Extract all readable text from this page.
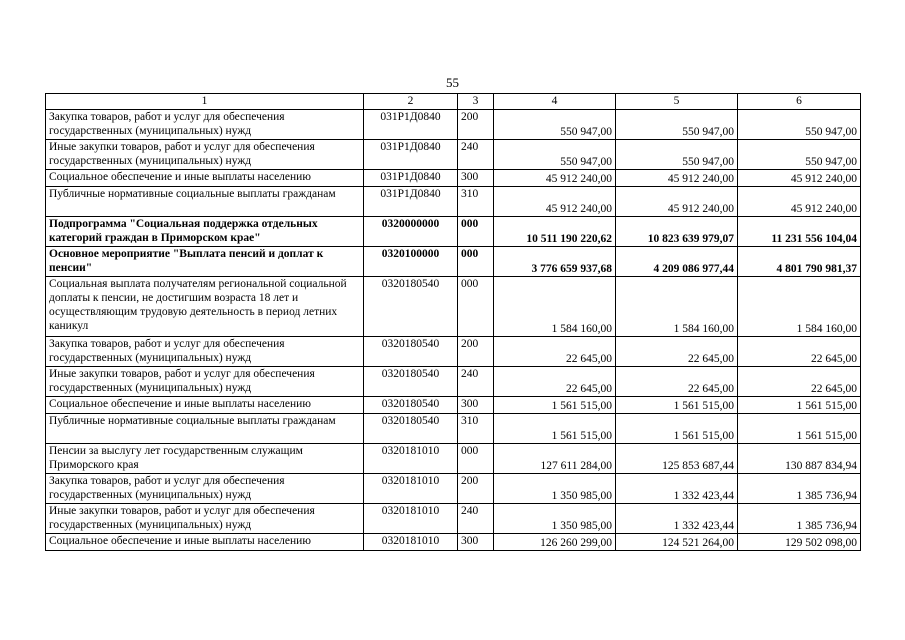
55
1	2	3	4	5	6
Закупка товаров, работ и услуг для обеспечения государственных (муниципальных) нужд	031Р1Д0840	200	550 947,00	550 947,00	550 947,00
Иные закупки товаров, работ и услуг для обеспечения государственных (муниципальных) нужд	031Р1Д0840	240	550 947,00	550 947,00	550 947,00
Социальное обеспечение и иные выплаты населению	031Р1Д0840	300	45 912 240,00	45 912 240,00	45 912 240,00
Публичные нормативные социальные выплаты гражданам	031Р1Д0840	310	45 912 240,00	45 912 240,00	45 912 240,00
Подпрограмма "Социальная поддержка отдельных категорий граждан в Приморском крае"	0320000000	000	10 511 190 220,62	10 823 639 979,07	11 231 556 104,04
Основное мероприятие "Выплата пенсий и доплат к пенсии"	0320100000	000	3 776 659 937,68	4 209 086 977,44	4 801 790 981,37
Социальная выплата получателям региональной социальной доплаты к пенсии, не достигшим возраста 18 лет и осуществляющим трудовую деятельность в период летних каникул	0320180540	000	1 584 160,00	1 584 160,00	1 584 160,00
Закупка товаров, работ и услуг для обеспечения государственных (муниципальных) нужд	0320180540	200	22 645,00	22 645,00	22 645,00
Иные закупки товаров, работ и услуг для обеспечения государственных (муниципальных) нужд	0320180540	240	22 645,00	22 645,00	22 645,00
Социальное обеспечение и иные выплаты населению	0320180540	300	1 561 515,00	1 561 515,00	1 561 515,00
Публичные нормативные социальные выплаты гражданам	0320180540	310	1 561 515,00	1 561 515,00	1 561 515,00
Пенсии за выслугу лет государственным служащим Приморского края	0320181010	000	127 611 284,00	125 853 687,44	130 887 834,94
Закупка товаров, работ и услуг для обеспечения государственных (муниципальных) нужд	0320181010	200	1 350 985,00	1 332 423,44	1 385 736,94
Иные закупки товаров, работ и услуг для обеспечения государственных (муниципальных) нужд	0320181010	240	1 350 985,00	1 332 423,44	1 385 736,94
Социальное обеспечение и иные выплаты населению	0320181010	300	126 260 299,00	124 521 264,00	129 502 098,00
